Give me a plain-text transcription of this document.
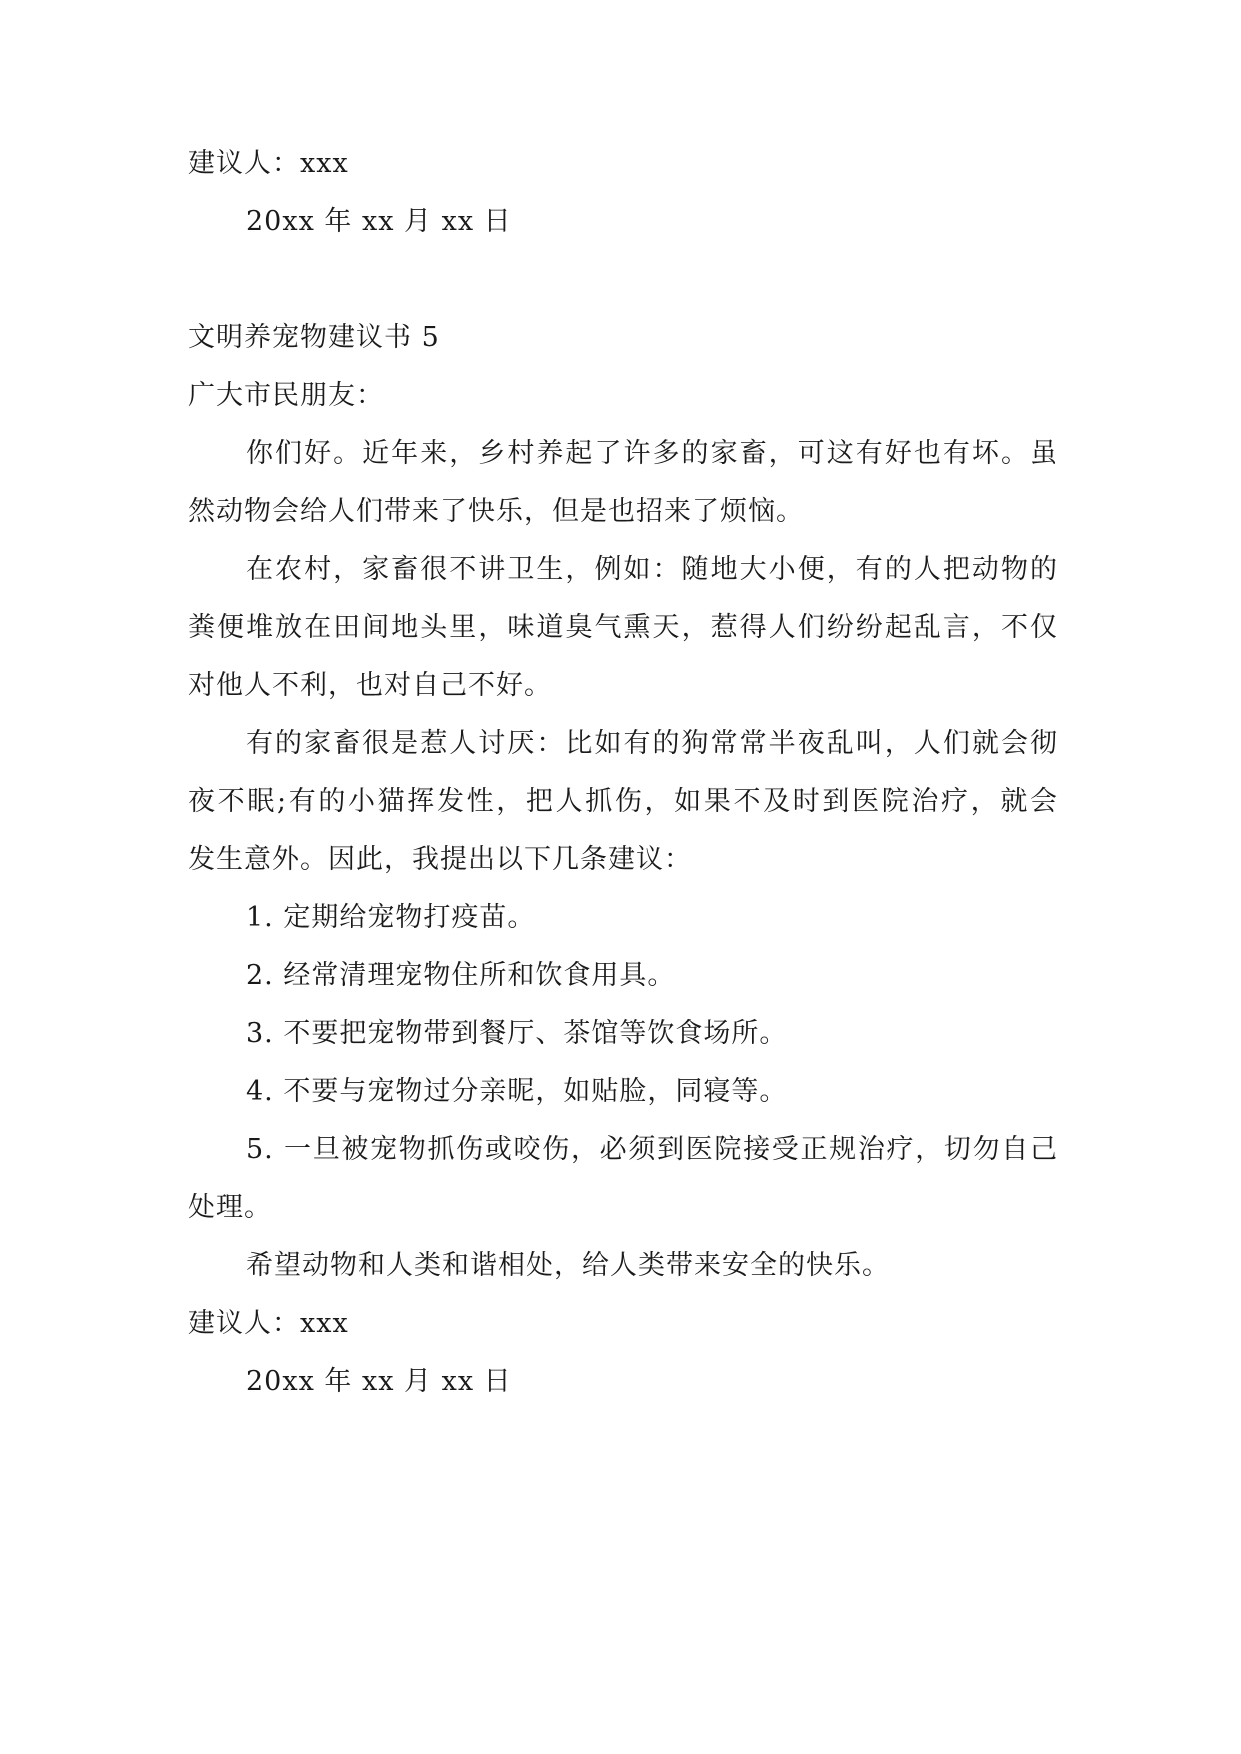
建议人：xxx
20xx 年 xx 月 xx 日
文明养宠物建议书 5
广大市民朋友：
你们好。近年来，乡村养起了许多的家畜，可这有好也有坏。虽
然动物会给人们带来了快乐，但是也招来了烦恼。
在农村，家畜很不讲卫生，例如：随地大小便，有的人把动物的
粪便堆放在田间地头里，味道臭气熏天，惹得人们纷纷起乱言，不仅
对他人不利，也对自己不好。
有的家畜很是惹人讨厌：比如有的狗常常半夜乱叫，人们就会彻
夜不眠;有的小猫挥发性，把人抓伤，如果不及时到医院治疗，就会
发生意外。因此，我提出以下几条建议：
1. 定期给宠物打疫苗。
2. 经常清理宠物住所和饮食用具。
3. 不要把宠物带到餐厅、茶馆等饮食场所。
4. 不要与宠物过分亲昵，如贴脸，同寝等。
5. 一旦被宠物抓伤或咬伤，必须到医院接受正规治疗，切勿自己
处理。
希望动物和人类和谐相处，给人类带来安全的快乐。
建议人：xxx
20xx 年 xx 月 xx 日
